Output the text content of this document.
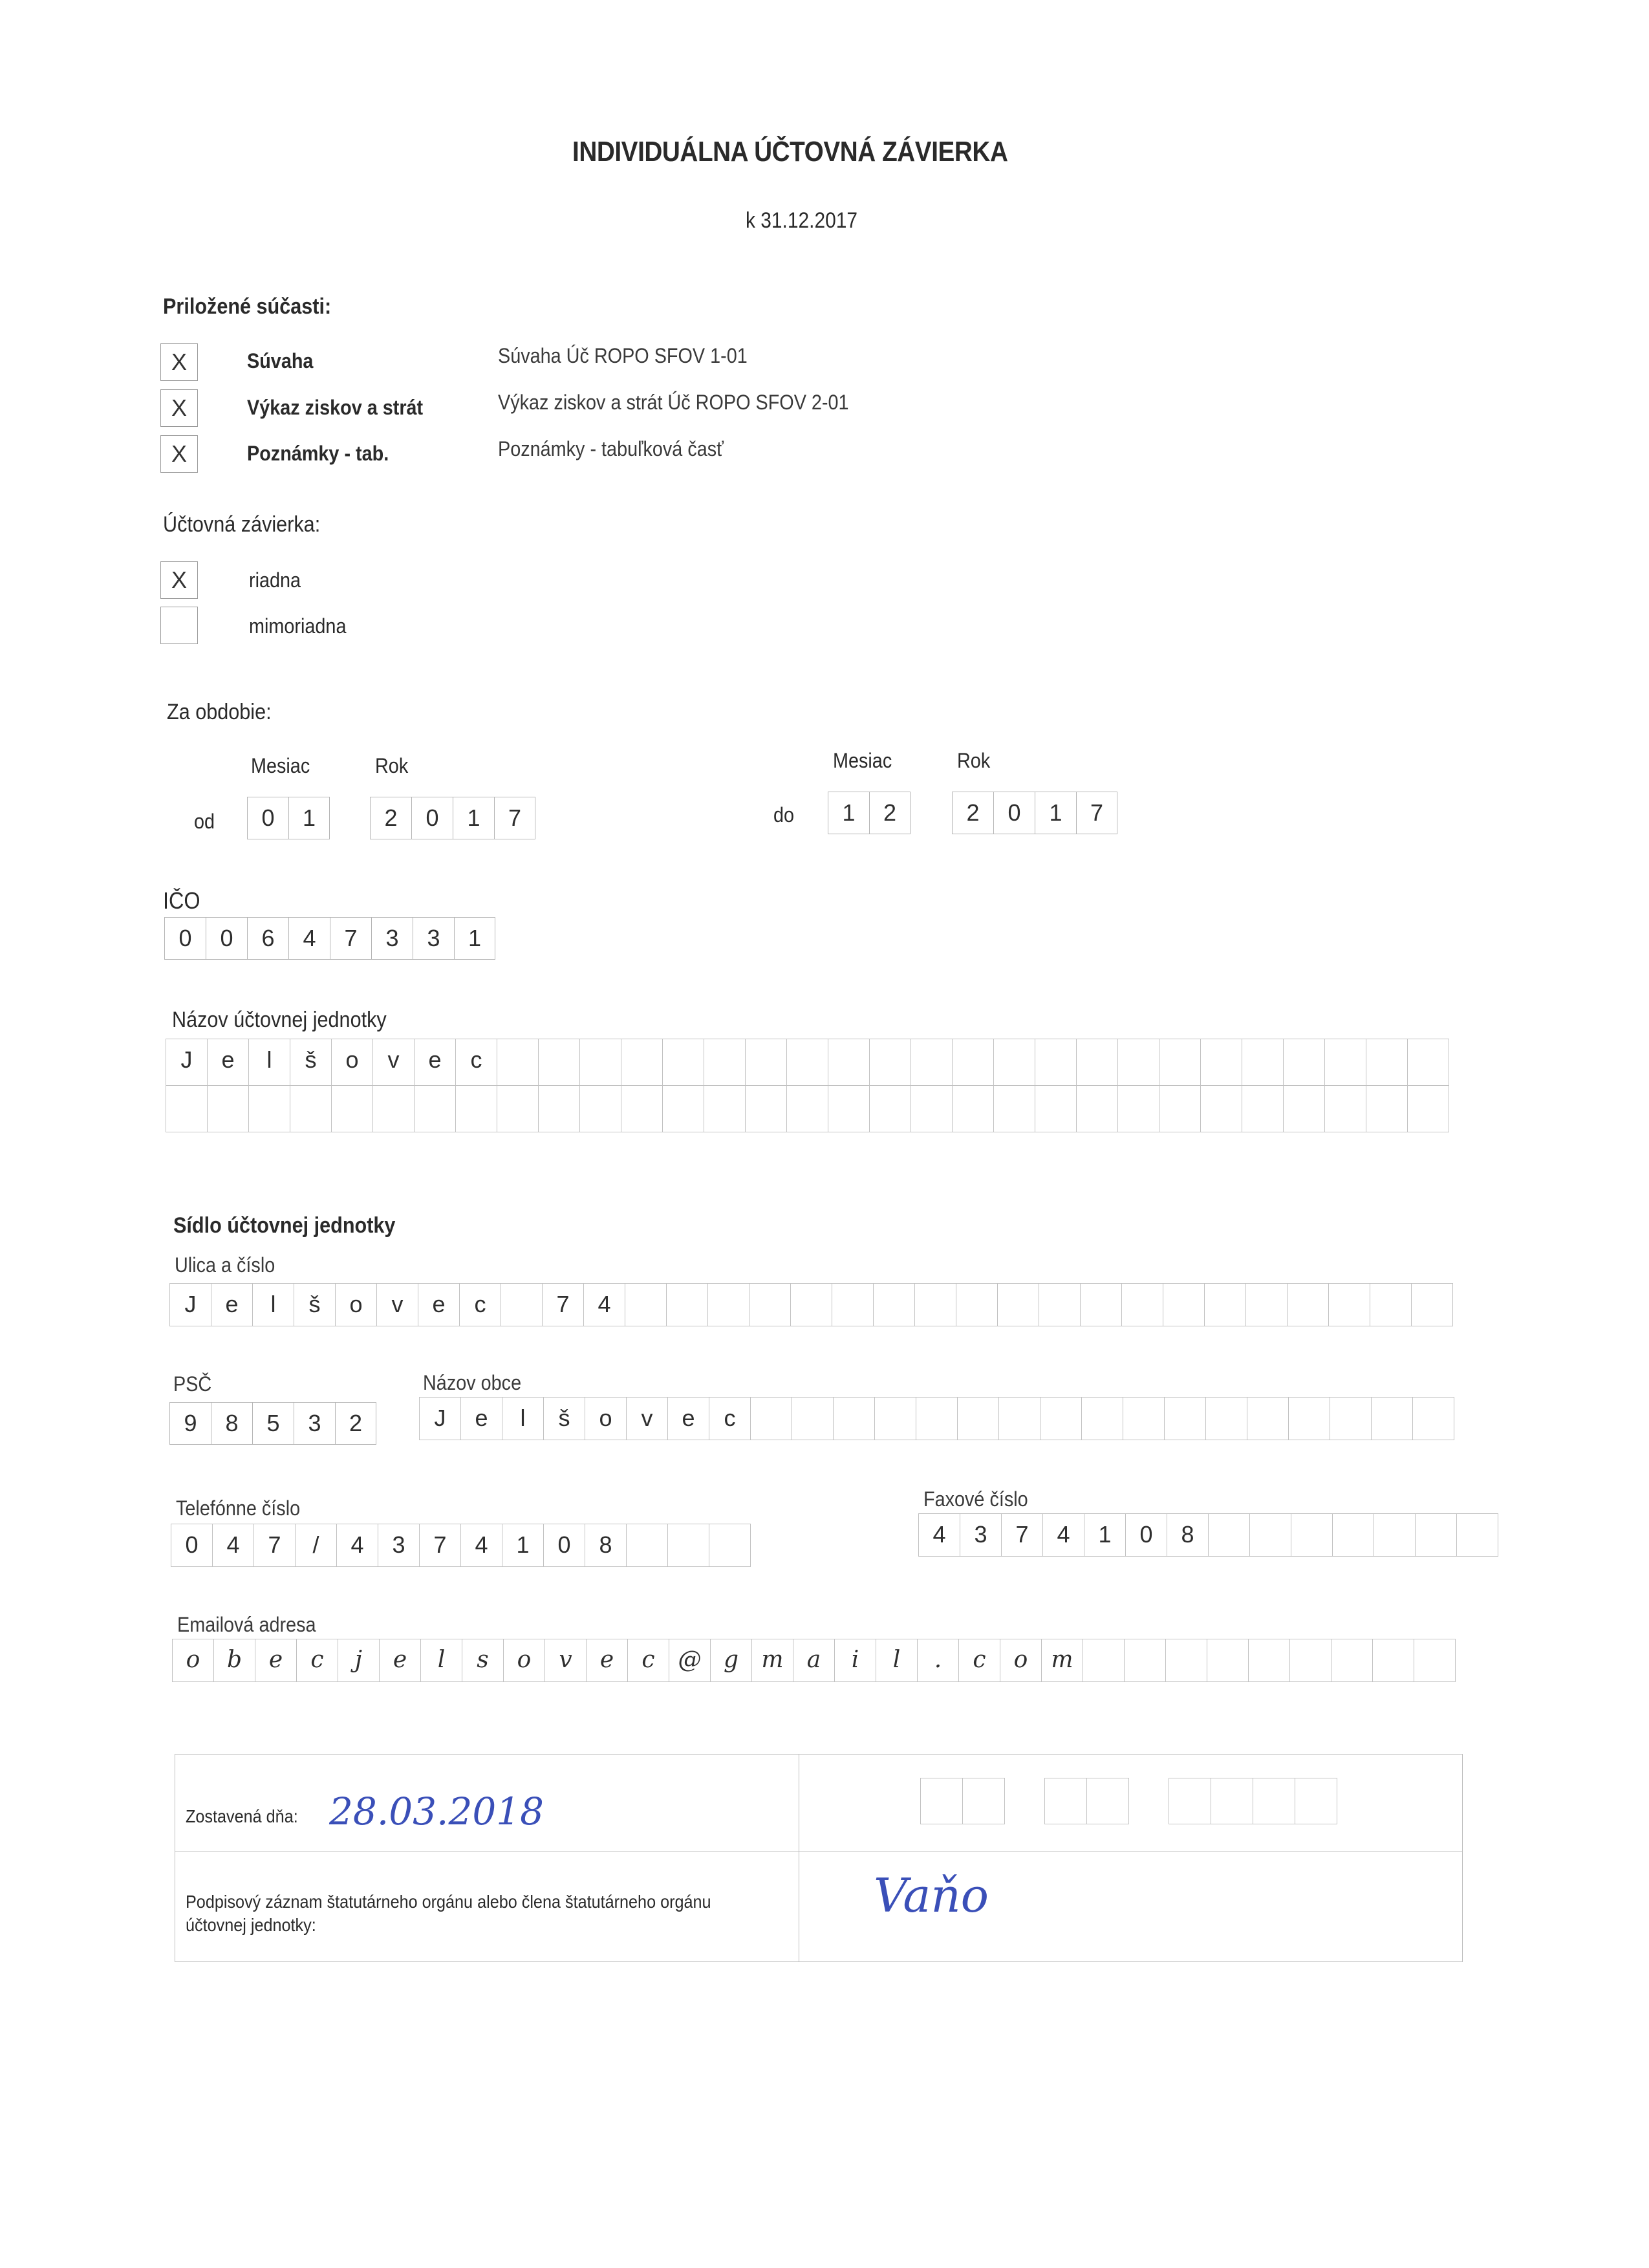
INDIVIDUÁLNA ÚČTOVNÁ ZÁVIERKA
k 31.12.2017
Priložené súčasti:
X	Súvaha	Súvaha Úč ROPO SFOV 1-01
X	Výkaz ziskov a strát	Výkaz ziskov a strát Úč ROPO SFOV 2-01
X	Poznámky - tab.	Poznámky - tabuľková časť
Účtovná závierka:
X	riadna
mimoriadna
Za obdobie:
Mesiac	Rok	Mesiac	Rok
od	0	1	2	0	1	7	do	1	2	2	0	1	7
IČO
0	0	6	4	7	3	3	1
Názov účtovnej jednotky
J	e	l	š	o	v	e	c
Sídlo účtovnej jednotky
Ulica a číslo
J	e	l	š	o	v	e	c	7	4
PSČ
9	8	5	3	2
Názov obce
J	e	l	š	o	v	e	c
Telefónne číslo
0	4	7	/	4	3	7	4	1	0	8
Faxové číslo
4	3	7	4	1	0	8
Emailová adresa
o	b	e	c	j	e	l	s	o	v	e	c @ g m	a	i	l	.	c	o	m
Zostavená dňa: 28.03.2018
Podpisový záznam štatutárneho orgánu alebo člena štatutárneho orgánu
účtovnej jednotky:
Vaňo
